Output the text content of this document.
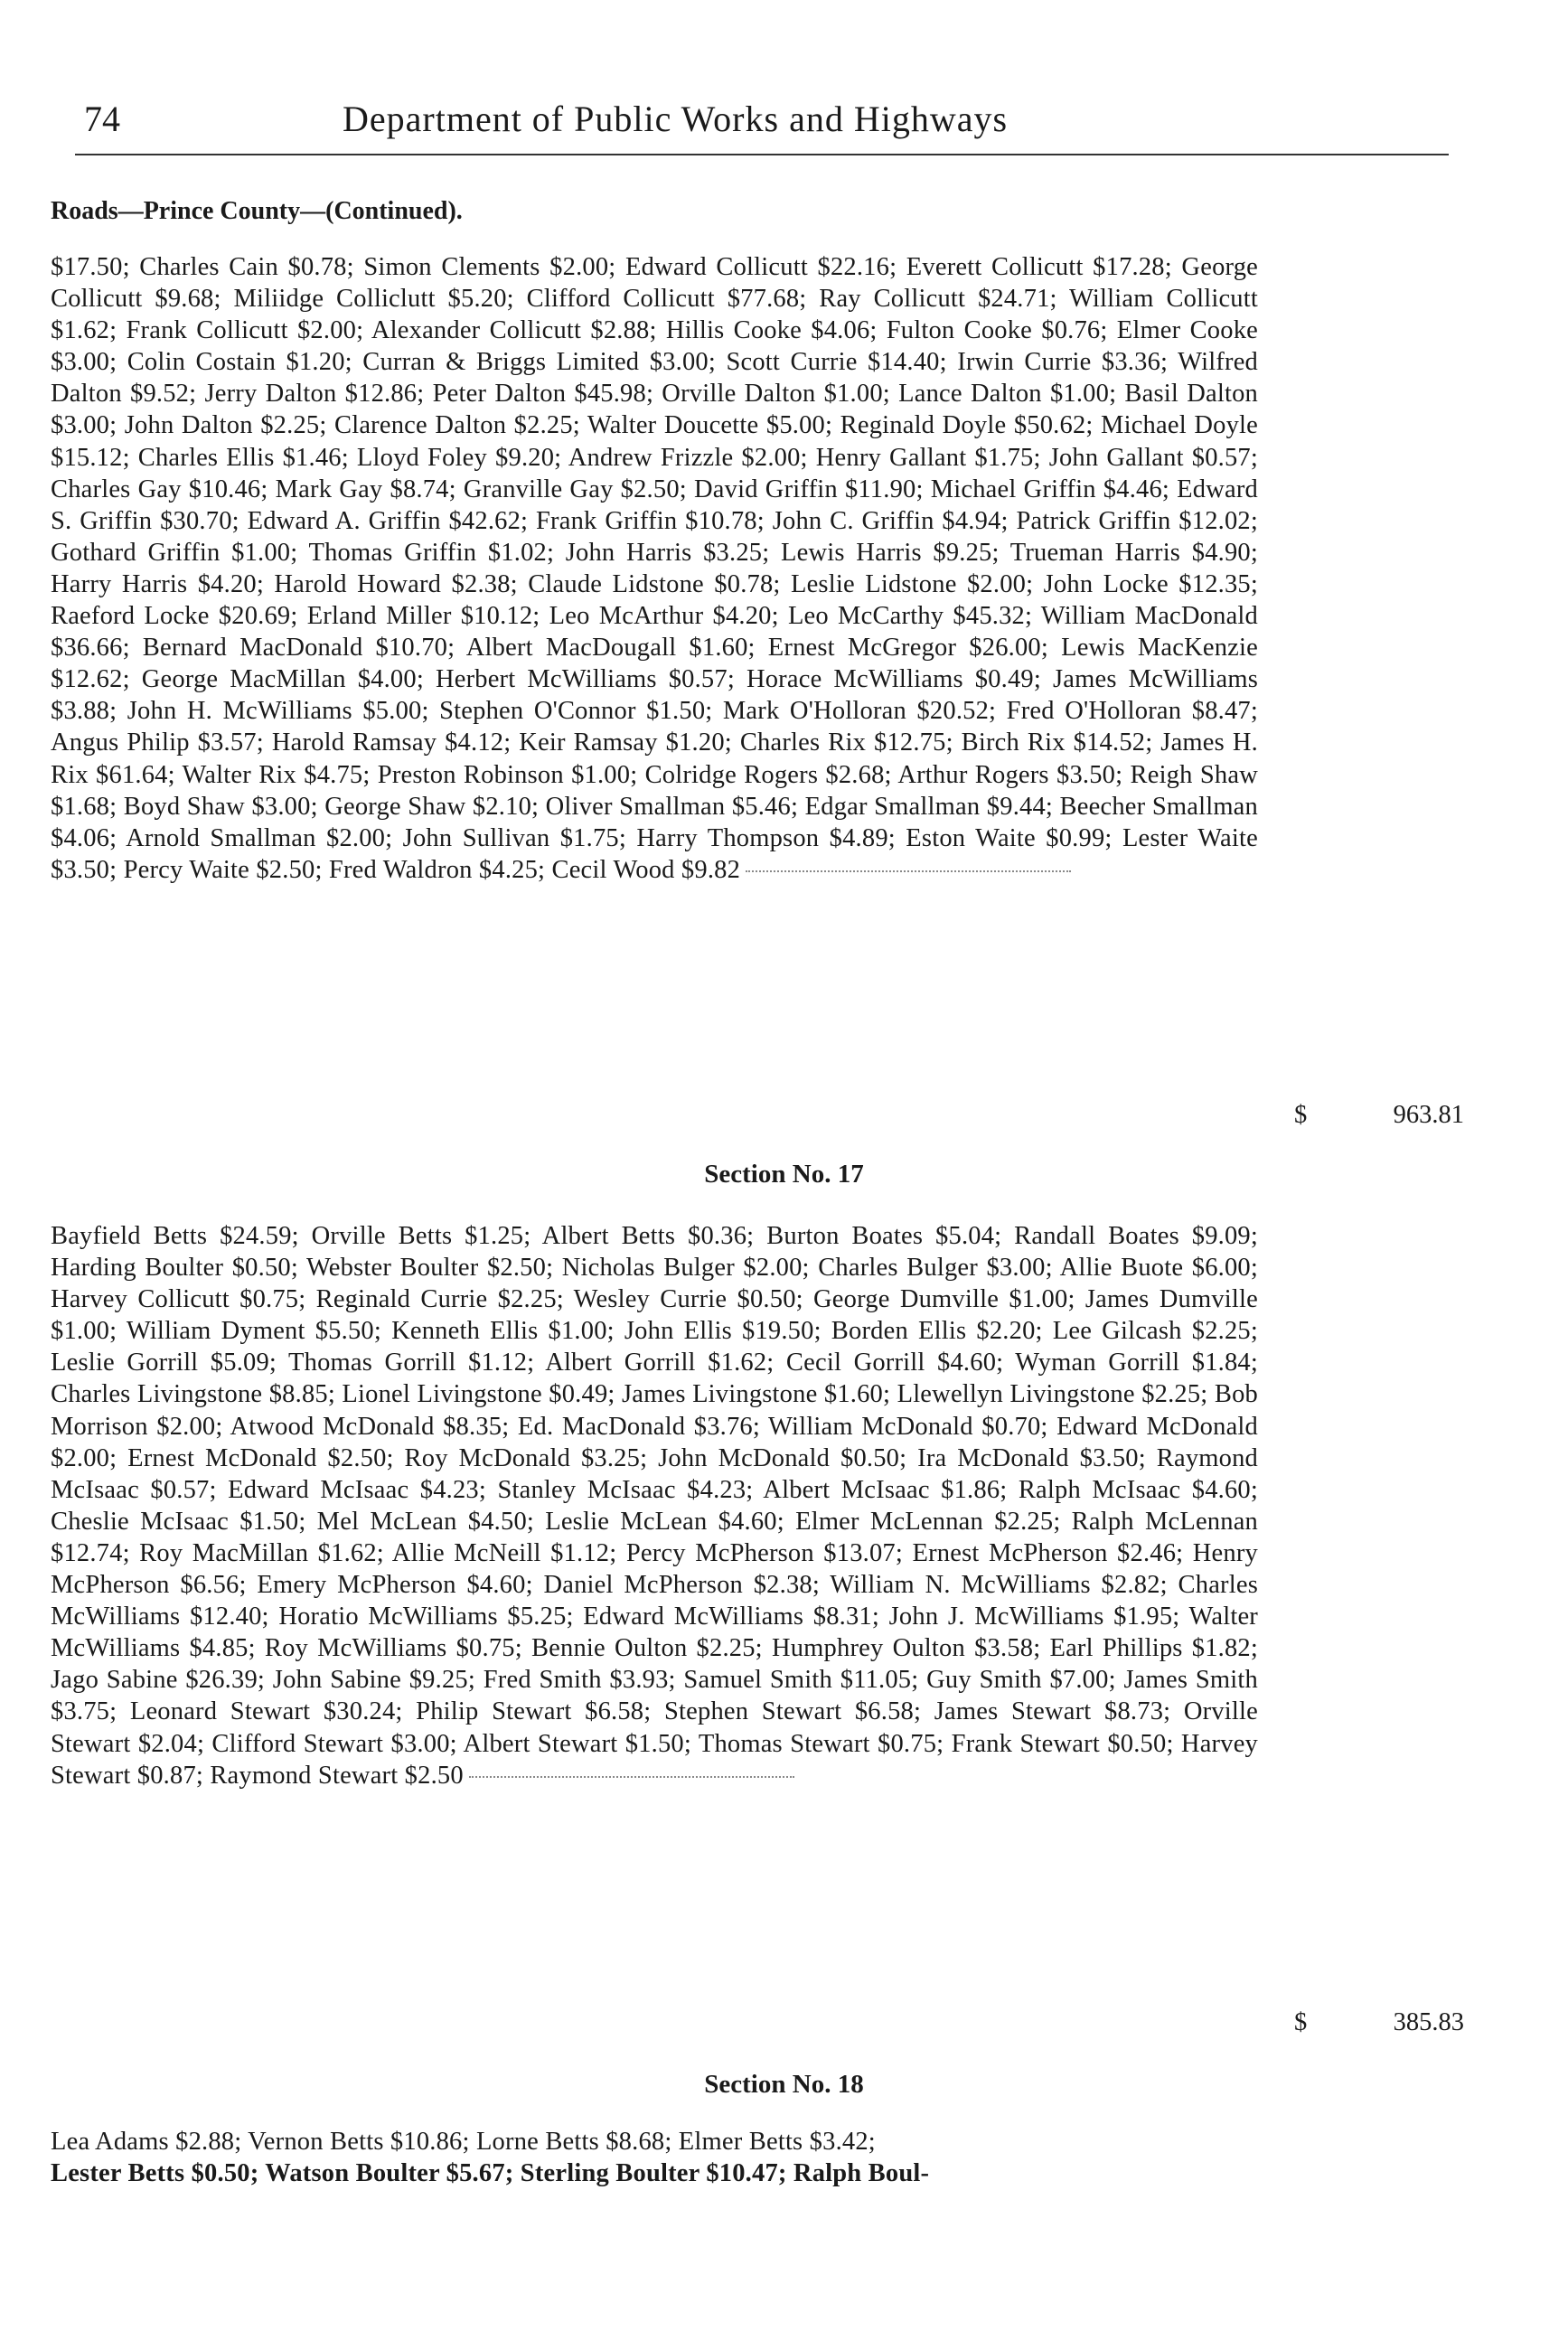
74	Department of Public Works and Highways
Roads—Prince County—(Continued).
$17.50; Charles Cain $0.78; Simon Clements $2.00; Edward Collicutt $22.16; Everett Collicutt $17.28; George Collicutt $9.68; Miliidge Colliclutt $5.20; Clifford Collicutt $77.68; Ray Collicutt $24.71; William Collicutt $1.62; Frank Collicutt $2.00; Alexander Collicutt $2.88; Hillis Cooke $4.06; Fulton Cooke $0.76; Elmer Cooke $3.00; Colin Costain $1.20; Curran & Briggs Limited $3.00; Scott Currie $14.40; Irwin Currie $3.36; Wilfred Dalton $9.52; Jerry Dalton $12.86; Peter Dalton $45.98; Orville Dalton $1.00; Lance Dalton $1.00; Basil Dalton $3.00; John Dalton $2.25; Clarence Dalton $2.25; Walter Doucette $5.00; Reginald Doyle $50.62; Michael Doyle $15.12; Charles Ellis $1.46; Lloyd Foley $9.20; Andrew Frizzle $2.00; Henry Gallant $1.75; John Gallant $0.57; Charles Gay $10.46; Mark Gay $8.74; Granville Gay $2.50; David Griffin $11.90; Michael Griffin $4.46; Edward S. Griffin $30.70; Edward A. Griffin $42.62; Frank Griffin $10.78; John C. Griffin $4.94; Patrick Griffin $12.02; Gothard Griffin $1.00; Thomas Griffin $1.02; John Harris $3.25; Lewis Harris $9.25; Trueman Harris $4.90; Harry Harris $4.20; Harold Howard $2.38; Claude Lidstone $0.78; Leslie Lidstone $2.00; John Locke $12.35; Raeford Locke $20.69; Erland Miller $10.12; Leo McArthur $4.20; Leo McCarthy $45.32; William MacDonald $36.66; Bernard MacDonald $10.70; Albert MacDougall $1.60; Ernest McGregor $26.00; Lewis MacKenzie $12.62; George MacMillan $4.00; Herbert McWilliams $0.57; Horace McWilliams $0.49; James McWilliams $3.88; John H. McWilliams $5.00; Stephen O'Connor $1.50; Mark O'Holloran $20.52; Fred O'Holloran $8.47; Angus Philip $3.57; Harold Ramsay $4.12; Keir Ramsay $1.20; Charles Rix $12.75; Birch Rix $14.52; James H. Rix $61.64; Walter Rix $4.75; Preston Robinson $1.00; Colridge Rogers $2.68; Arthur Rogers $3.50; Reigh Shaw $1.68; Boyd Shaw $3.00; George Shaw $2.10; Oliver Smallman $5.46; Edgar Smallman $9.44; Beecher Smallman $4.06; Arnold Smallman $2.00; John Sullivan $1.75; Harry Thompson $4.89; Eston Waite $0.99; Lester Waite $3.50; Percy Waite $2.50; Fred Waldron $4.25; Cecil Wood $9.82
$	963.81
Section No. 17
Bayfield Betts $24.59; Orville Betts $1.25; Albert Betts $0.36; Burton Boates $5.04; Randall Boates $9.09; Harding Boulter $0.50; Webster Boulter $2.50; Nicholas Bulger $2.00; Charles Bulger $3.00; Allie Buote $6.00; Harvey Collicutt $0.75; Reginald Currie $2.25; Wesley Currie $0.50; George Dumville $1.00; James Dumville $1.00; William Dyment $5.50; Kenneth Ellis $1.00; John Ellis $19.50; Borden Ellis $2.20; Lee Gilcash $2.25; Leslie Gorrill $5.09; Thomas Gorrill $1.12; Albert Gorrill $1.62; Cecil Gorrill $4.60; Wyman Gorrill $1.84; Charles Livingstone $8.85; Lionel Livingstone $0.49; James Livingstone $1.60; Llewellyn Livingstone $2.25; Bob Morrison $2.00; Atwood McDonald $8.35; Ed. MacDonald $3.76; William McDonald $0.70; Edward McDonald $2.00; Ernest McDonald $2.50; Roy McDonald $3.25; John McDonald $0.50; Ira McDonald $3.50; Raymond McIsaac $0.57; Edward McIsaac $4.23; Stanley McIsaac $4.23; Albert McIsaac $1.86; Ralph McIsaac $4.60; Cheslie McIsaac $1.50; Mel McLean $4.50; Leslie McLean $4.60; Elmer McLennan $2.25; Ralph McLennan $12.74; Roy MacMillan $1.62; Allie McNeill $1.12; Percy McPherson $13.07; Ernest McPherson $2.46; Henry McPherson $6.56; Emery McPherson $4.60; Daniel McPherson $2.38; William N. McWilliams $2.82; Charles McWilliams $12.40; Horatio McWilliams $5.25; Edward McWilliams $8.31; John J. McWilliams $1.95; Walter McWilliams $4.85; Roy McWilliams $0.75; Bennie Oulton $2.25; Humphrey Oulton $3.58; Earl Phillips $1.82; Jago Sabine $26.39; John Sabine $9.25; Fred Smith $3.93; Samuel Smith $11.05; Guy Smith $7.00; James Smith $3.75; Leonard Stewart $30.24; Philip Stewart $6.58; Stephen Stewart $6.58; James Stewart $8.73; Orville Stewart $2.04; Clifford Stewart $3.00; Albert Stewart $1.50; Thomas Stewart $0.75; Frank Stewart $0.50; Harvey Stewart $0.87; Raymond Stewart $2.50
$	385.83
Section No. 18
Lea Adams $2.88; Vernon Betts $10.86; Lorne Betts $8.68; Elmer Betts $3.42;
Lester Betts $0.50; Watson Boulter $5.67; Sterling Boulter $10.47; Ralph Boul-
